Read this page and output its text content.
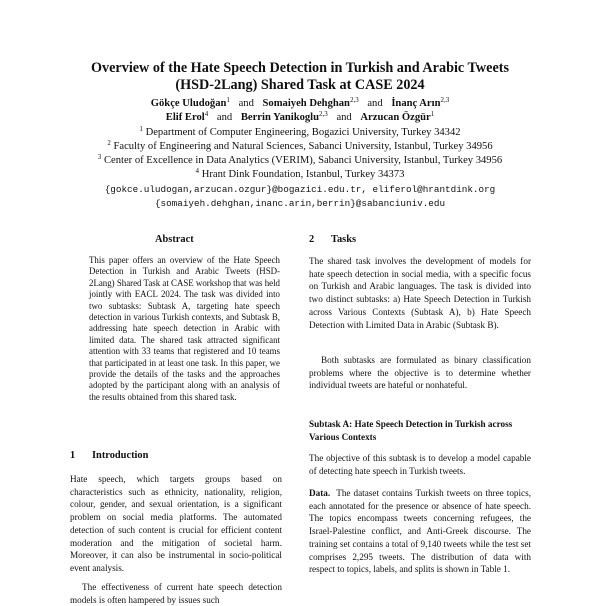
Overview of the Hate Speech Detection in Turkish and Arabic Tweets
(HSD-2Lang) Shared Task at CASE 2024
Gökçe Uludoğan$^1$ and Somaiyeh Dehghan$^{2,3}$ and İnanç Arın$^{2,3}$
Elif Erol$^4$ and Berrin Yanikoglu$^{2,3}$ and Arzucan Özgür$^1$
$^1$ Department of Computer Engineering, Bogazici University, Turkey 34342
$^2$ Faculty of Engineering and Natural Sciences, Sabanci University, Istanbul, Turkey 34956
$^3$ Center of Excellence in Data Analytics (VERIM), Sabanci University, Istanbul, Turkey 34956
$^4$ Hrant Dink Foundation, Istanbul, Turkey 34373
{gokce.uludogan,arzucan.ozgur}@bogazici.edu.tr, eliferol@hrantdink.org
{somaiyeh.dehghan,inanc.arin,berrin}@sabanciuniv.edu
Abstract
This paper offers an overview of the Hate Speech Detection in Turkish and Arabic Tweets (HSD-2Lang) Shared Task at CASE workshop that was held jointly with EACL 2024. The task was divided into two subtasks: Subtask A, targeting hate speech detection in various Turkish contexts, and Subtask B, addressing hate speech detection in Arabic with limited data. The shared task attracted significant attention with 33 teams that registered and 10 teams that participated in at least one task. In this paper, we provide the details of the tasks and the approaches adopted by the participant along with an analysis of the results obtained from this shared task.
1 Introduction
Hate speech, which targets groups based on characteristics such as ethnicity, nationality, religion, colour, gender, and sexual orientation, is a significant problem on social media platforms. The automated detection of such content is crucial for efficient content moderation and the mitigation of societal harm. Moreover, it can also be instrumental in socio-political event analysis.
The effectiveness of current hate speech detection models is often hampered by issues such
2 Tasks
The shared task involves the development of models for hate speech detection in social media, with a specific focus on Turkish and Arabic languages. The task is divided into two distinct subtasks: a) Hate Speech Detection in Turkish across Various Contexts (Subtask A), b) Hate Speech Detection with Limited Data in Arabic (Subtask B).
Both subtasks are formulated as binary classification problems where the objective is to determine whether individual tweets are hateful or nonhateful.
Subtask A: Hate Speech Detection in Turkish across Various Contexts
The objective of this subtask is to develop a model capable of detecting hate speech in Turkish tweets.
Data. The dataset contains Turkish tweets on three topics, each annotated for the presence or absence of hate speech. The topics encompass tweets concerning refugees, the Israel-Palestine conflict, and Anti-Greek discourse. The training set contains a total of 9,140 tweets while the test set comprises 2,295 tweets. The distribution of data with respect to topics, labels, and splits is shown in Table 1.
